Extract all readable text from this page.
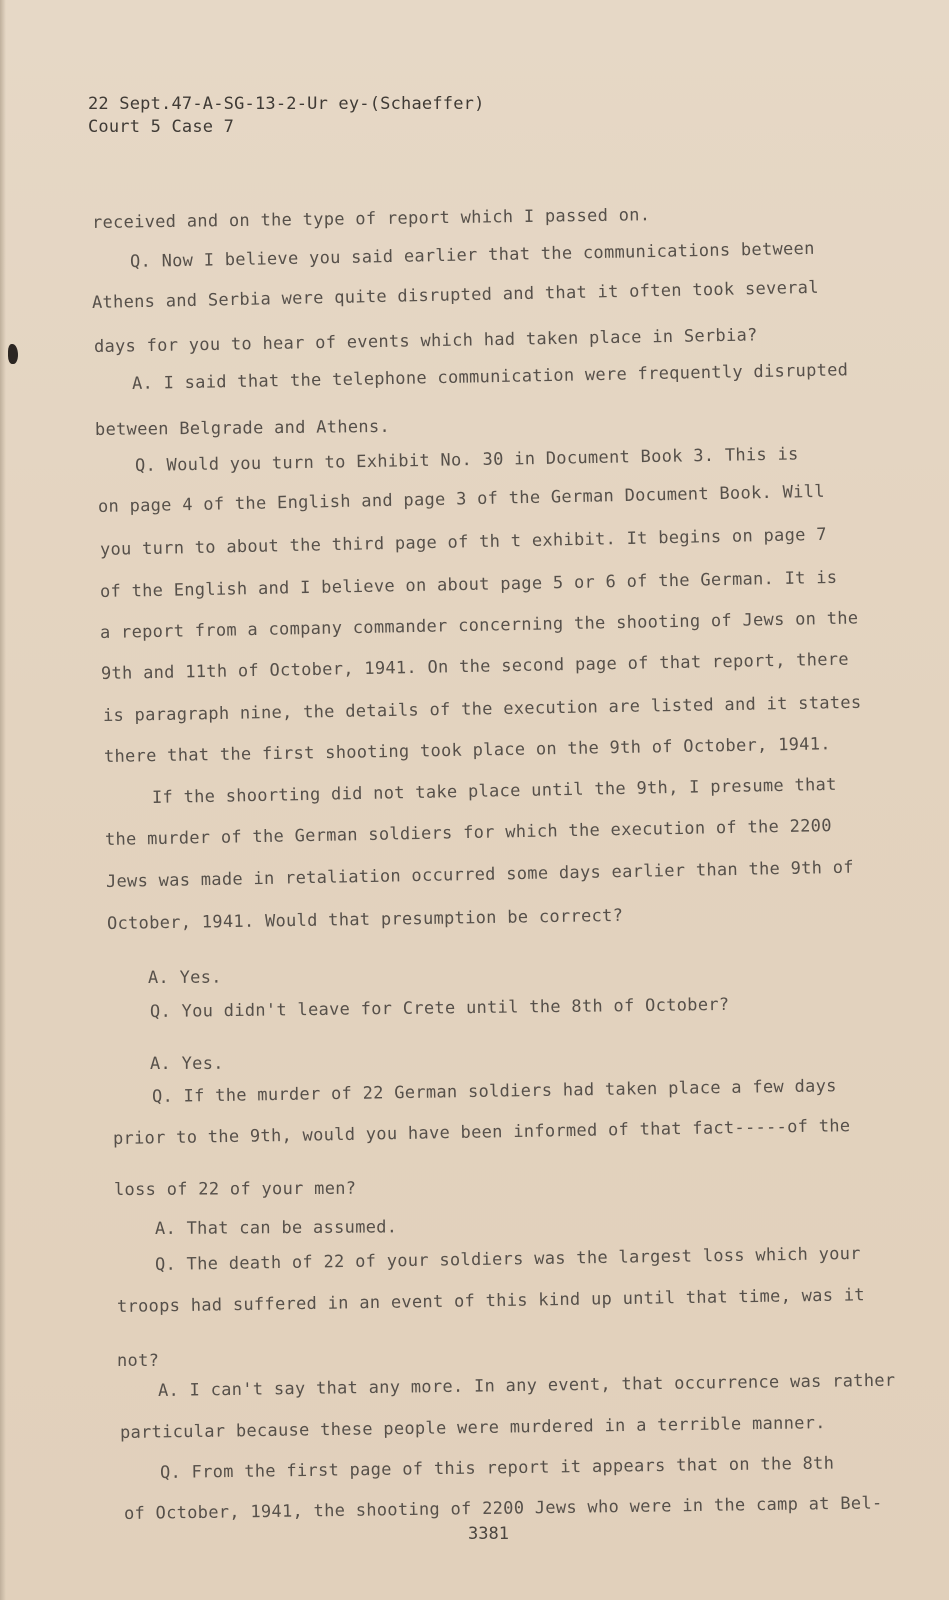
22 Sept.47-A-SG-13-2-Ur ey-(Schaeffer)
Court 5 Case 7
received and on the type of report which I passed on.
Q. Now I believe you said earlier that the communications between
Athens and Serbia were quite disrupted and that it often took several
days for you to hear of events which had taken place in Serbia?
A. I said that the telephone communication were frequently disrupted
between Belgrade and Athens.
Q. Would you turn to Exhibit No. 30 in Document Book 3. This is
on page 4 of the English and page 3 of the German Document Book. Will
you turn to about the third page of th t exhibit. It begins on page 7
of the English and I believe on about page 5 or 6 of the German. It is
a report from a company commander concerning the shooting of Jews on the
9th and 11th of October, 1941. On the second page of that report, there
is paragraph nine, the details of the execution are listed and it states
there that the first shooting took place on the 9th of October, 1941.
If the shoorting did not take place until the 9th, I presume that
the murder of the German soldiers for which the execution of the 2200
Jews was made in retaliation occurred some days earlier than the 9th of
October, 1941. Would that presumption be correct?
A. Yes.
Q. You didn't leave for Crete until the 8th of October?
A. Yes.
Q. If the murder of 22 German soldiers had taken place a few days
prior to the 9th, would you have been informed of that fact-----of the
loss of 22 of your men?
A. That can be assumed.
Q. The death of 22 of your soldiers was the largest loss which your
troops had suffered in an event of this kind up until that time, was it
not?
A. I can't say that any more. In any event, that occurrence was rather
particular because these people were murdered in a terrible manner.
Q. From the first page of this report it appears that on the 8th
of October, 1941, the shooting of 2200 Jews who were in the camp at Bel-
3381
